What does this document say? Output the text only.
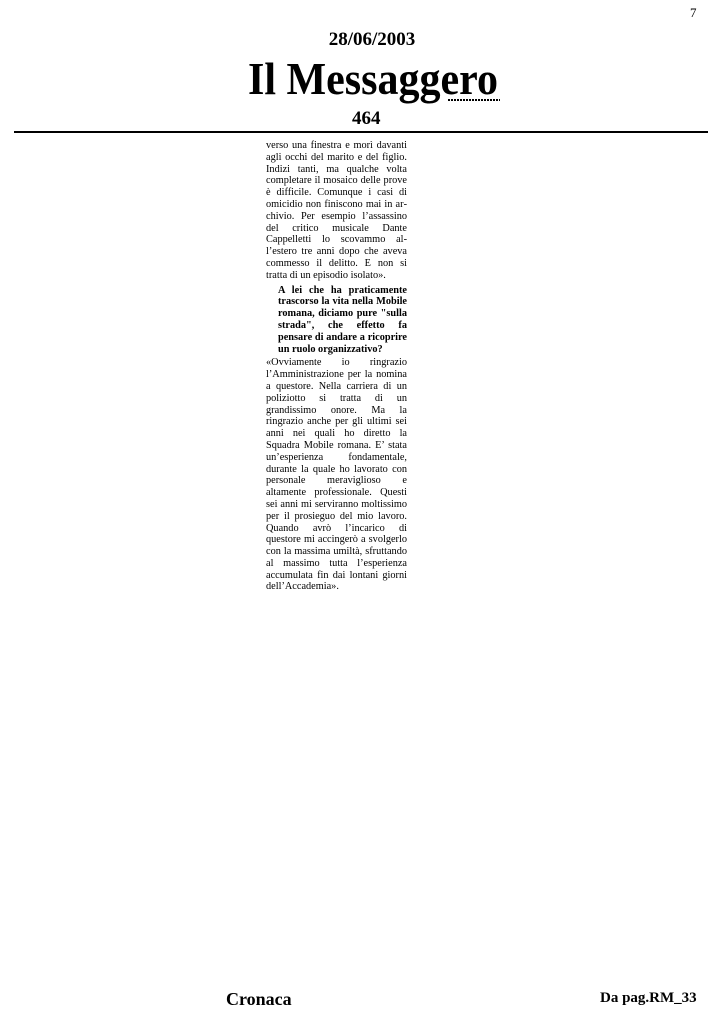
7
28/06/2003
Il Messaggero
464

verso una finestra e morì davanti agli occhi del marito e del figlio. Indizi tanti, ma qualche volta completare il mosaico delle prove è difficile. Comunque i casi di omicidio non finiscono mai in archivio. Per esempio l’assassino del critico musicale Dante Cappelletti lo scovammo all’estero tre anni dopo che aveva commesso il delitto. E non si tratta di un episodio isolato».

A lei che ha praticamente trascorso la vita nella Mobile romana, diciamo pure "sulla strada", che effetto fa pensare di andare a ricoprire un ruolo organizzativo?

«Ovviamente io ringrazio l’Amministrazione per la nomina a questore. Nella carriera di un poliziotto si tratta di un grandissimo onore. Ma la ringrazio anche per gli ultimi sei anni nei quali ho diretto la Squadra Mobile romana. E’ stata un’esperienza fondamentale, durante la quale ho lavorato con personale meraviglioso e altamente professionale. Questi sei anni mi serviranno moltissimo per il prosieguo del mio lavoro. Quando avrò l’incarico di questore mi accingerò a svolgerlo con la massima umiltà, sfruttando al massimo tutta l’esperienza accumulata fin dai lontani giorni dell’Accademia».

Cronaca	Da pag.RM_33
